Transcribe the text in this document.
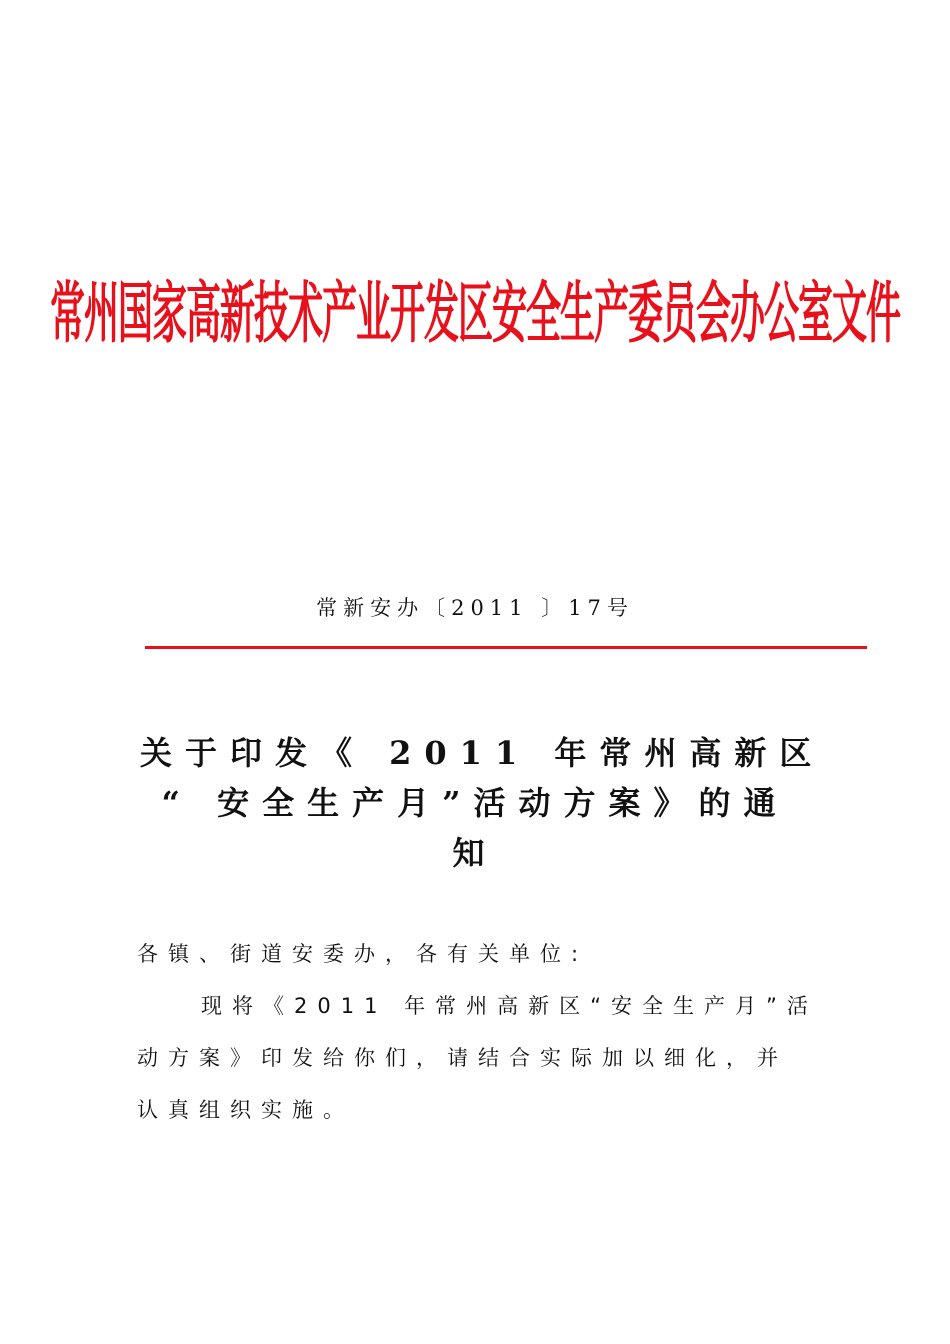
常州国家高新技术产业开发区安全生产委员会办公室文件
常新安办〔2011 〕17号
关于印发《 2011 年常州高新区
“ 安全生产月”活动方案》的通
知
各镇、街道安委办，各有关单位:
现将《2011 年常州高新区“安全生产月”活
动方案》印发给你们，请结合实际加以细化，并
认真组织实施。
